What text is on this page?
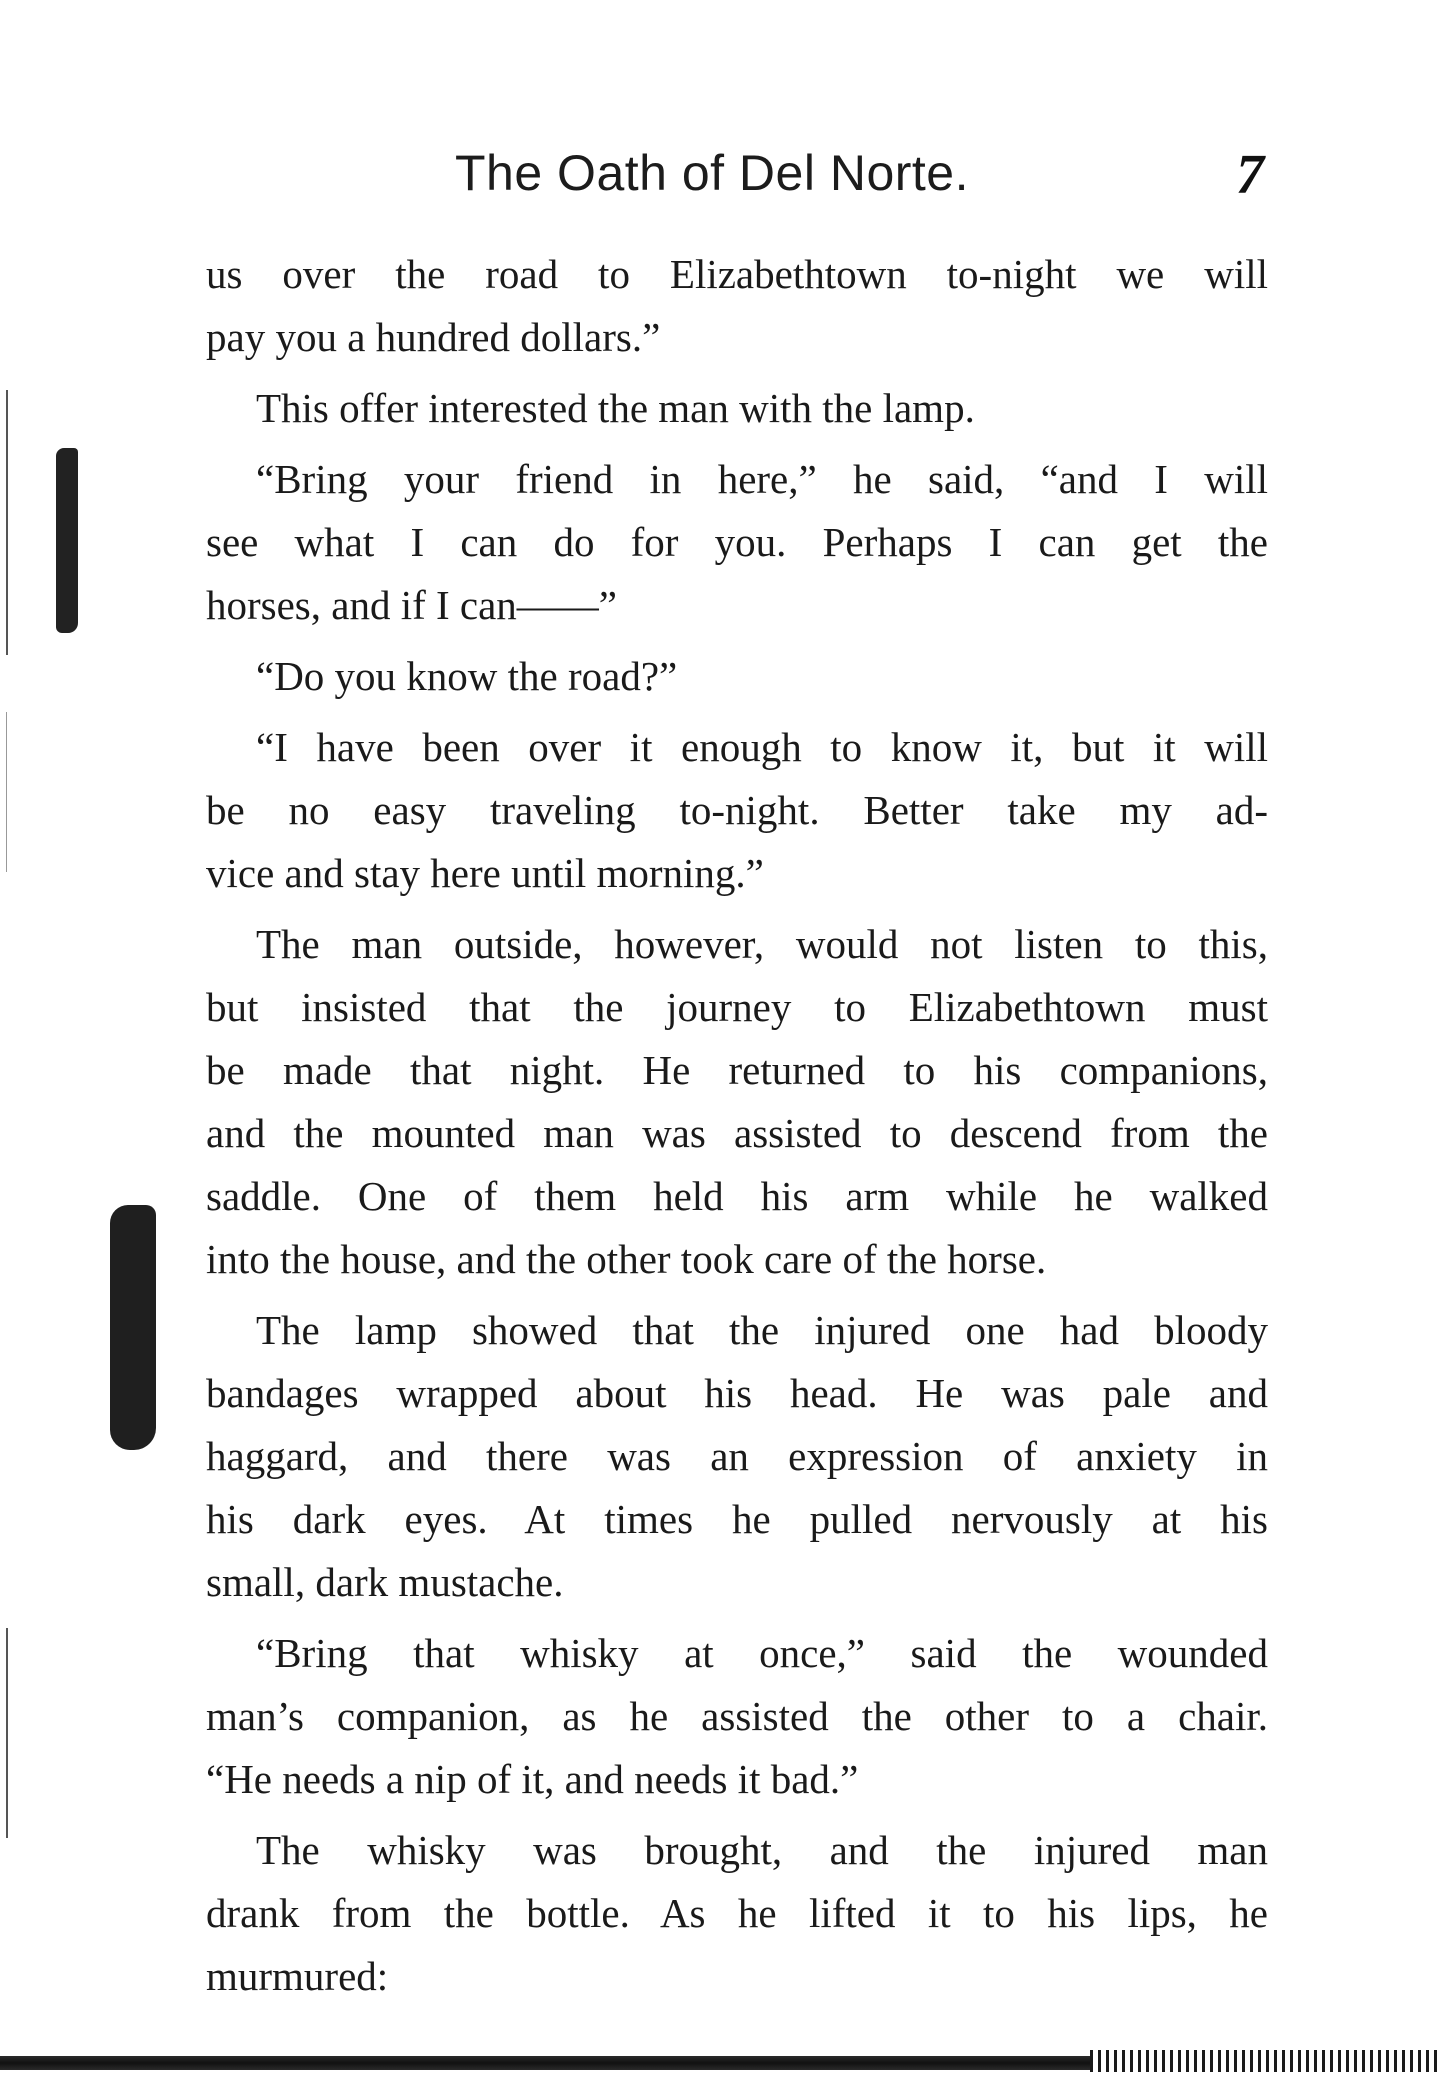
The Oath of Del Norte.	7
us over the road to Elizabethtown to-night we will
pay you a hundred dollars.”
This offer interested the man with the lamp.
“Bring your friend in here,” he said, “and I will
see what I can do for you. Perhaps I can get the
horses, and if I can——”
“Do you know the road?”
“I have been over it enough to know it, but it will
be no easy traveling to-night. Better take my ad-
vice and stay here until morning.”
The man outside, however, would not listen to this,
but insisted that the journey to Elizabethtown must
be made that night. He returned to his companions,
and the mounted man was assisted to descend from the
saddle. One of them held his arm while he walked
into the house, and the other took care of the horse.
The lamp showed that the injured one had bloody
bandages wrapped about his head. He was pale and
haggard, and there was an expression of anxiety in
his dark eyes. At times he pulled nervously at his
small, dark mustache.
“Bring that whisky at once,” said the wounded
man’s companion, as he assisted the other to a chair.
“He needs a nip of it, and needs it bad.”
The whisky was brought, and the injured man
drank from the bottle. As he lifted it to his lips, he
murmured:
